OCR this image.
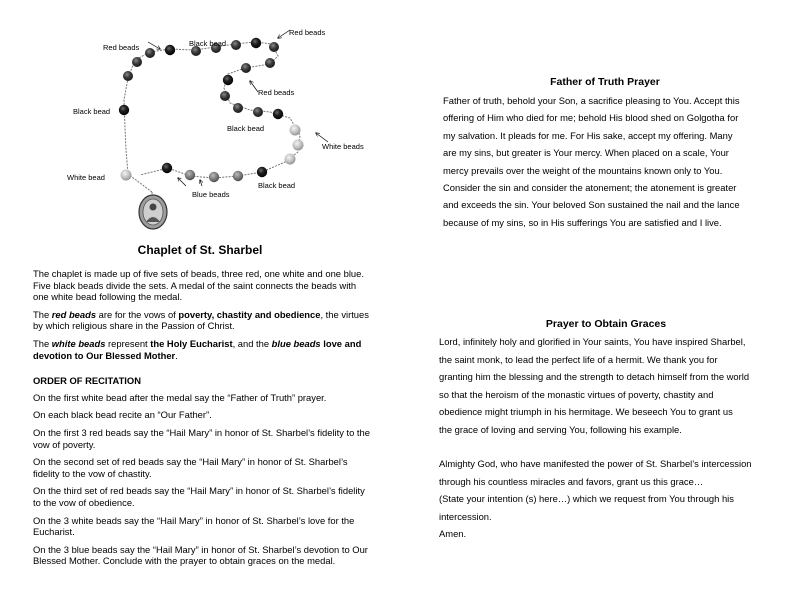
Red beads	Black bead
Red beads
Black bead
Red beads
Black bead
White beads
White bead
Blue beads
Black bead
Chaplet of St. Sharbel

The chaplet is made up of five sets of beads, three red, one white and one blue. Five black beads divide the sets. A medal of the saint connects the beads with one white bead following the medal.

The red beads are for the vows of poverty, chastity and obedience, the virtues by which religious share in the Passion of Christ.

The white beads represent the Holy Eucharist, and the blue beads love and devotion to Our Blessed Mother.

ORDER OF RECITATION

On the first white bead after the medal say the “Father of Truth” prayer.

On each black bead recite an “Our Father”.

On the first 3 red beads say the “Hail Mary” in honor of St. Sharbel’s fidelity to the vow of poverty.

On the second set of red beads say the “Hail Mary” in honor of St. Sharbel’s fidelity to the vow of chastity.

On the third set of red beads say the “Hail Mary” in honor of St. Sharbel’s fidelity to the vow of obedience.

On the 3 white beads say the “Hail Mary” in honor of St. Sharbel’s love for the Eucharist.

On the 3 blue beads say the “Hail Mary” in honor of St. Sharbel’s devotion to Our Blessed Mother. Conclude with the prayer to obtain graces on the medal.

Father of Truth Prayer
Father of truth, behold your Son, a sacrifice pleasing to You. Accept this
offering of Him who died for me; behold His blood shed on Golgotha for
my salvation. It pleads for me. For His sake, accept my offering. Many
are my sins, but greater is Your mercy. When placed on a scale, Your
mercy prevails over the weight of the mountains known only to You.
Consider the sin and consider the atonement; the atonement is greater
and exceeds the sin. Your beloved Son sustained the nail and the lance
because of my sins, so in His sufferings You are satisfied and I live.
Prayer to Obtain Graces
Lord, infinitely holy and glorified in Your saints, You have inspired Sharbel,
the saint monk, to lead the perfect life of a hermit. We thank you for
granting him the blessing and the strength to detach himself from the world
so that the heroism of the monastic virtues of poverty, chastity and
obedience might triumph in his hermitage. We beseech You to grant us
the grace of loving and serving You, following his example.
Almighty God, who have manifested the power of St. Sharbel’s intercession
through his countless miracles and favors, grant us this grace…
(State your intention (s) here…) which we request from You through his
intercession.
Amen.
